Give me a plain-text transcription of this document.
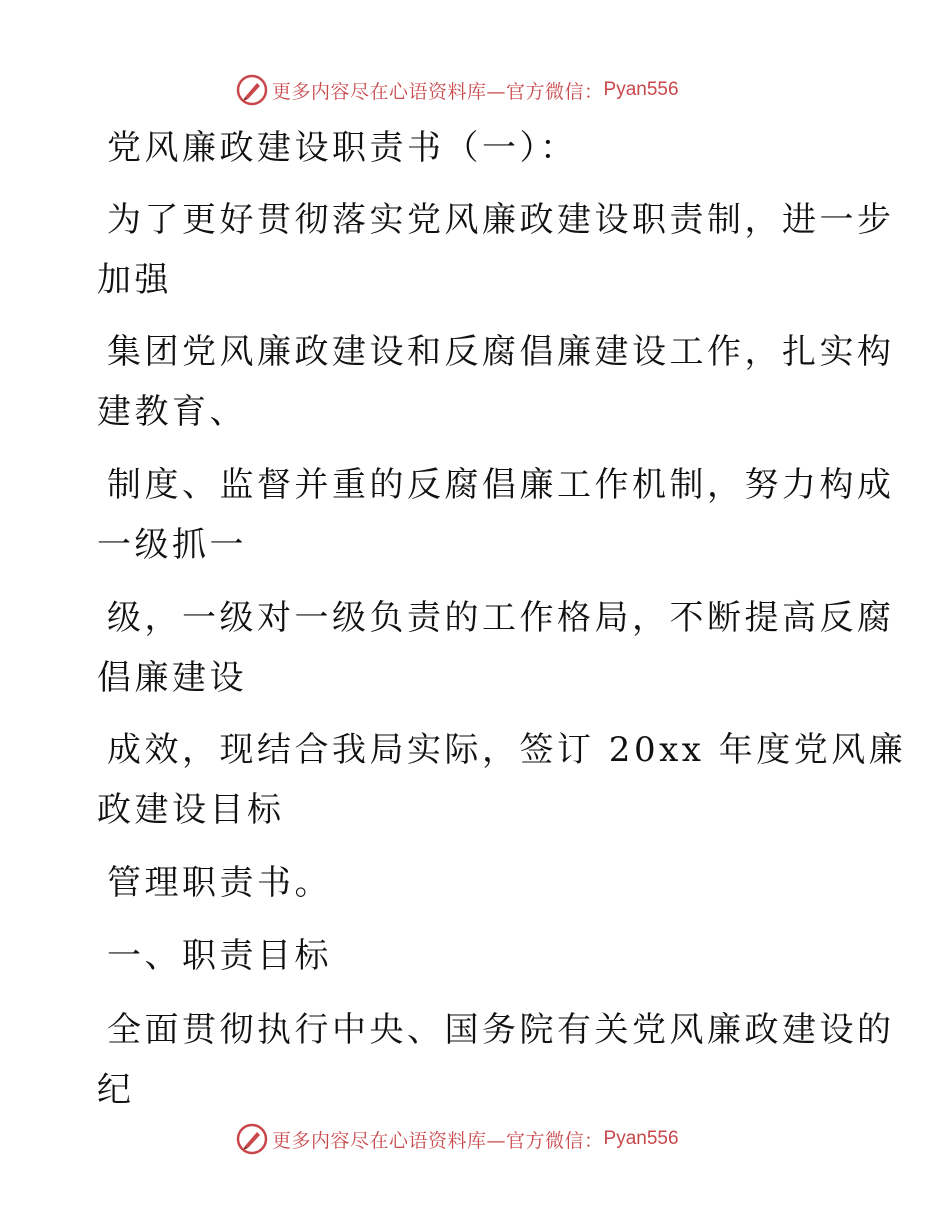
更多内容尽在心语资料库— 官方微信： Pyan556
党风廉政建设职责书（一）：
为了更好贯彻落实党风廉政建设职责制，进一步
加强
集团党风廉政建设和反腐倡廉建设工作，扎实构
建教育、
制度、监督并重的反腐倡廉工作机制，努力构成
一级抓一
级，一级对一级负责的工作格局，不断提高反腐
倡廉建设
成效，现结合我局实际，签订 20xx 年度党风廉
政建设目标
管理职责书。
一、职责目标
全面贯彻执行中央、国务院有关党风廉政建设的
纪
更多内容尽在心语资料库— 官方微信： Pyan556
